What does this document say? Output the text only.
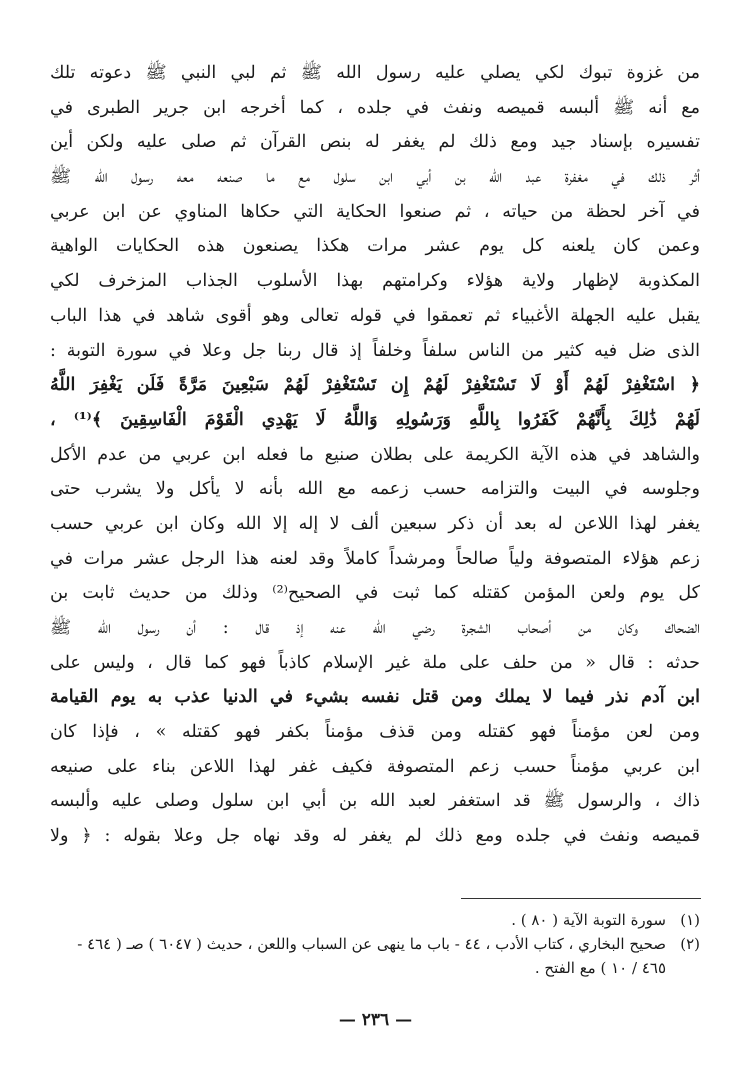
من غزوة تبوك لكي يصلي عليه رسول الله ﷺ ثم لبي النبي ﷺ دعوته تلك
مع أنه ﷺ ألبسه قميصه ونفث في جلده ، كما أخرجه ابن جرير الطبرى في
تفسيره بإسناد جيد ومع ذلك لم يغفر له بنص القرآن ثم صلى عليه ولكن أين
أثر ذلك في مغفرة عبد الله بن أبي ابن سلول مع ما صنعه معه رسول الله ﷺ
في آخر لحظة من حياته ، ثم صنعوا الحكاية التي حكاها المناوي عن ابن عربي
وعمن كان يلعنه كل يوم عشر مرات هكذا يصنعون هذه الحكايات الواهية
المكذوبة لإظهار ولاية هؤلاء وكرامتهم بهذا الأسلوب الجذاب المزخرف لكي
يقبل عليه الجهلة الأغبياء ثم تعمقوا في قوله تعالى وهو أقوى شاهد في هذا الباب
الذى ضل فيه كثير من الناس سلفاً وخلفاً إذ قال ربنا جل وعلا في سورة التوبة :
﴿ اسْتَغْفِرْ لَهُمْ أَوْ لَا تَسْتَغْفِرْ لَهُمْ إِن تَسْتَغْفِرْ لَهُمْ سَبْعِينَ مَرَّةً فَلَن يَغْفِرَ اللَّهُ
لَهُمْ ذَٰلِكَ بِأَنَّهُمْ كَفَرُوا بِاللَّهِ وَرَسُولِهِ وَاللَّهُ لَا يَهْدِي الْقَوْمَ الْفَاسِقِينَ ﴾⁽¹⁾ ،
والشاهد في هذه الآية الكريمة على بطلان صنيع ما فعله ابن عربي من عدم الأكل
وجلوسه في البيت والتزامه حسب زعمه مع الله بأنه لا يأكل ولا يشرب حتى
يغفر لهذا اللاعن له بعد أن ذكر سبعين ألف لا إله إلا الله وكان ابن عربي حسب
زعم هؤلاء المتصوفة ولياً صالحاً ومرشداً كاملاً وقد لعنه هذا الرجل عشر مرات في
كل يوم ولعن المؤمن كقتله كما ثبت في الصحيح⁽²⁾ وذلك من حديث ثابت بن
الضحاك وكان من أصحاب الشجرة رضي الله عنه إذ قال : أن رسول الله ﷺ
حدثه : قال « من حلف على ملة غير الإسلام كاذباً فهو كما قال ، وليس على
ابن آدم نذر فيما لا يملك ومن قتل نفسه بشيء في الدنيا عذب به يوم القيامة
ومن لعن مؤمناً فهو كقتله ومن قذف مؤمناً بكفر فهو كقتله » ، فإذا كان
ابن عربي مؤمناً حسب زعم المتصوفة فكيف غفر لهذا اللاعن بناء على صنيعه
ذاك ، والرسول ﷺ قد استغفر لعبد الله بن أبي ابن سلول وصلى عليه وألبسه
قميصه ونفث في جلده ومع ذلك لم يغفر له وقد نهاه جل وعلا بقوله : ﴿ ولا
(١)
سورة التوبة الآية ( ٨٠ ) .
(٢)
صحيح البخاري ، كتاب الأدب ، ٤٤ - باب ما ينهى عن السباب واللعن ، حديث ( ٦٠٤٧ ) صـ ( ٤٦٤ - ٤٦٥ / ١٠ ) مع الفتح .
— ٢٣٦ —
